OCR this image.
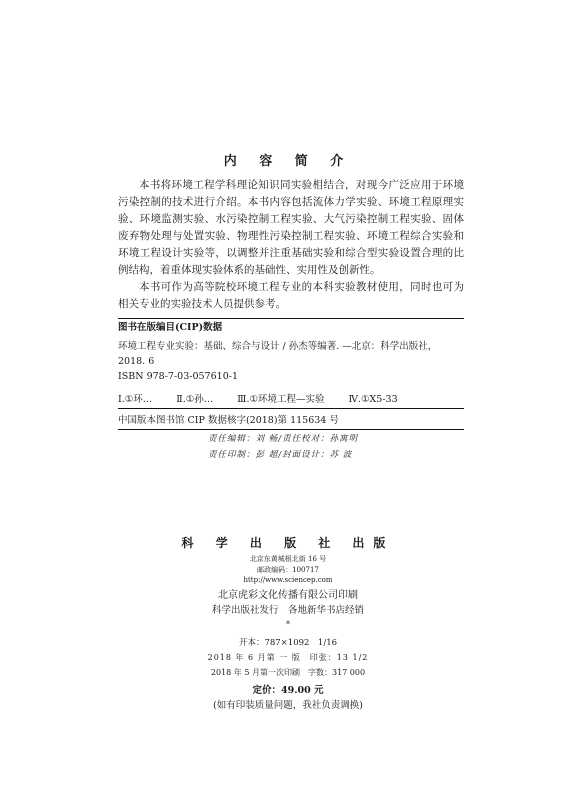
内 容 简 介

本书将环境工程学科理论知识同实验相结合，对现今广泛应用于环境污染控制的技术进行介绍。本书内容包括流体力学实验、环境工程原理实验、环境监测实验、水污染控制工程实验、大气污染控制工程实验、固体废弃物处理与处置实验、物理性污染控制工程实验、环境工程综合实验和环境工程设计实验等，以调整并注重基础实验和综合型实验设置合理的比例结构，着重体现实验体系的基础性、实用性及创新性。

本书可作为高等院校环境工程专业的本科实验教材使用，同时也可为相关专业的实验技术人员提供参考。

图书在版编目(CIP)数据
环境工程专业实验：基础、综合与设计 / 孙杰等编著. —北京：科学出版社，2018. 6
ISBN 978-7-03-057610-1
Ⅰ.①环…	Ⅱ.①孙…	Ⅲ.①环境工程—实验	Ⅳ.①X5-33
中国版本图书馆 CIP 数据核字(2018)第 115634 号
责任编辑：刘 畅/责任校对：孙寓明
责任印制：彭 超/封面设计：苏 波
科 学 出 版 社 出版
北京东黄城根北街 16 号
邮政编码：100717
http://www.sciencep.com
北京虎彩文化传播有限公司印刷
科学出版社发行　各地新华书店经销
*
开本：787×1092　1/16
2018 年 6 月第 一 版　印张：13 1/2
2018 年 5 月第一次印刷　字数：317 000
定价：49.00 元
(如有印装质量问题，我社负责调换)
